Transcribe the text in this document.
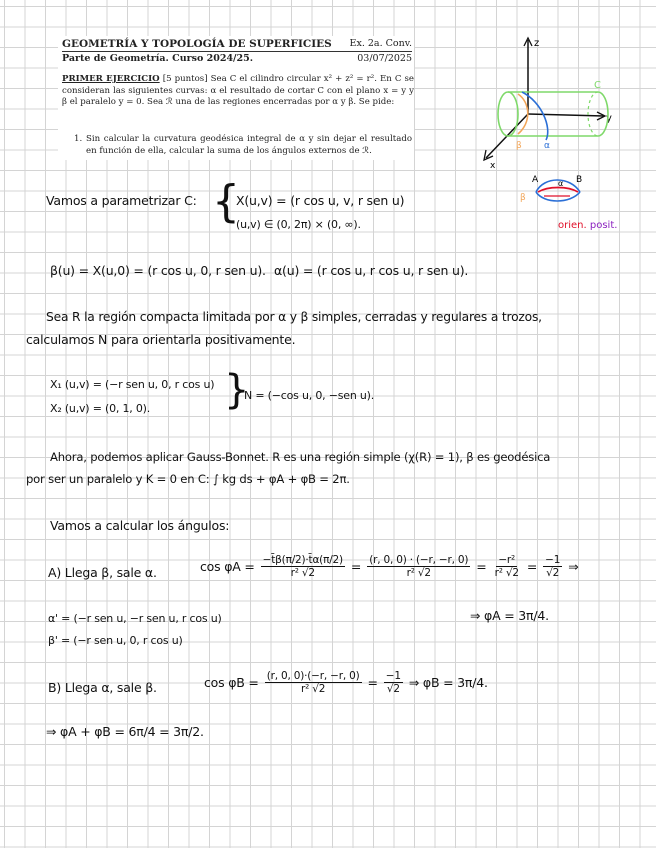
GEOMETRÍA Y TOPOLOGÍA DE SUPERFICIES Ex. 2a. Conv.
Parte de Geometría. Curso 2024/25.	03/07/2025
PRIMER EJERCICIO [5 puntos] Sea C el cilindro circular x² + z² = r². En C se consideran las siguientes curvas: α el resultado de cortar C con el plano x = y y β el paralelo y = 0. Sea ℛ una de las regiones encerradas por α y β. Se pide:
1. Sin calcular la curvatura geodésica integral de α y sin dejar el resultado en función de ella, calcular la suma de los ángulos externos de ℛ.
z
y
x
C
β α
A	B
β
α
orien. posit.
Vamos a parametrizar C: {
X(u,v) = (r cos u, v, r sen u)
(u,v) ∈ (0, 2π) × (0, ∞).
β(u) = X(u,0) = (r cos u, 0, r sen u). α(u) = (r cos u, r cos u, r sen u).
Sea R la región compacta limitada por α y β simples, cerradas y regulares a trozos,
calculamos N para orientarla positivamente.
X₁ (u,v) = (−r sen u, 0, r cos u)
X₂ (u,v) = (0, 1, 0). }
N = (−cos u, 0, −sen u).
Ahora, podemos aplicar Gauss-Bonnet. R es una región simple (χ(R) = 1), β es geodésica
por ser un paralelo y K = 0 en C: ∫ kg ds + φA + φB = 2π.
Vamos a calcular los ángulos:
A) Llega β, sale α.	$\cos \varphi A = \frac{-t̄\beta(\pi/2)\cdot t̄\alpha(\pi/2)}{\text{r² √2}} = \frac{(r, 0, 0) \cdot (-r, -r, 0)}{\text{r² √2}} = \frac{\text{−r²}}{\text{r² √2}} = \frac{-1}{√2}$ ⇒
α' = (−r sen u, −r sen u, r cos u)	⇒ φA = 3π/4.
β' = (−r sen u, 0, r cos u)
B) Llega α, sale β.	$\cos \varphi B = \frac{(r, 0, 0)\cdot(-r, -r, 0)}{\text{r² √2}} = \frac{-1}{√2}$ ⇒ φB = 3π/4.
⇒ φA + φB = 6π/4 = 3π/2.
